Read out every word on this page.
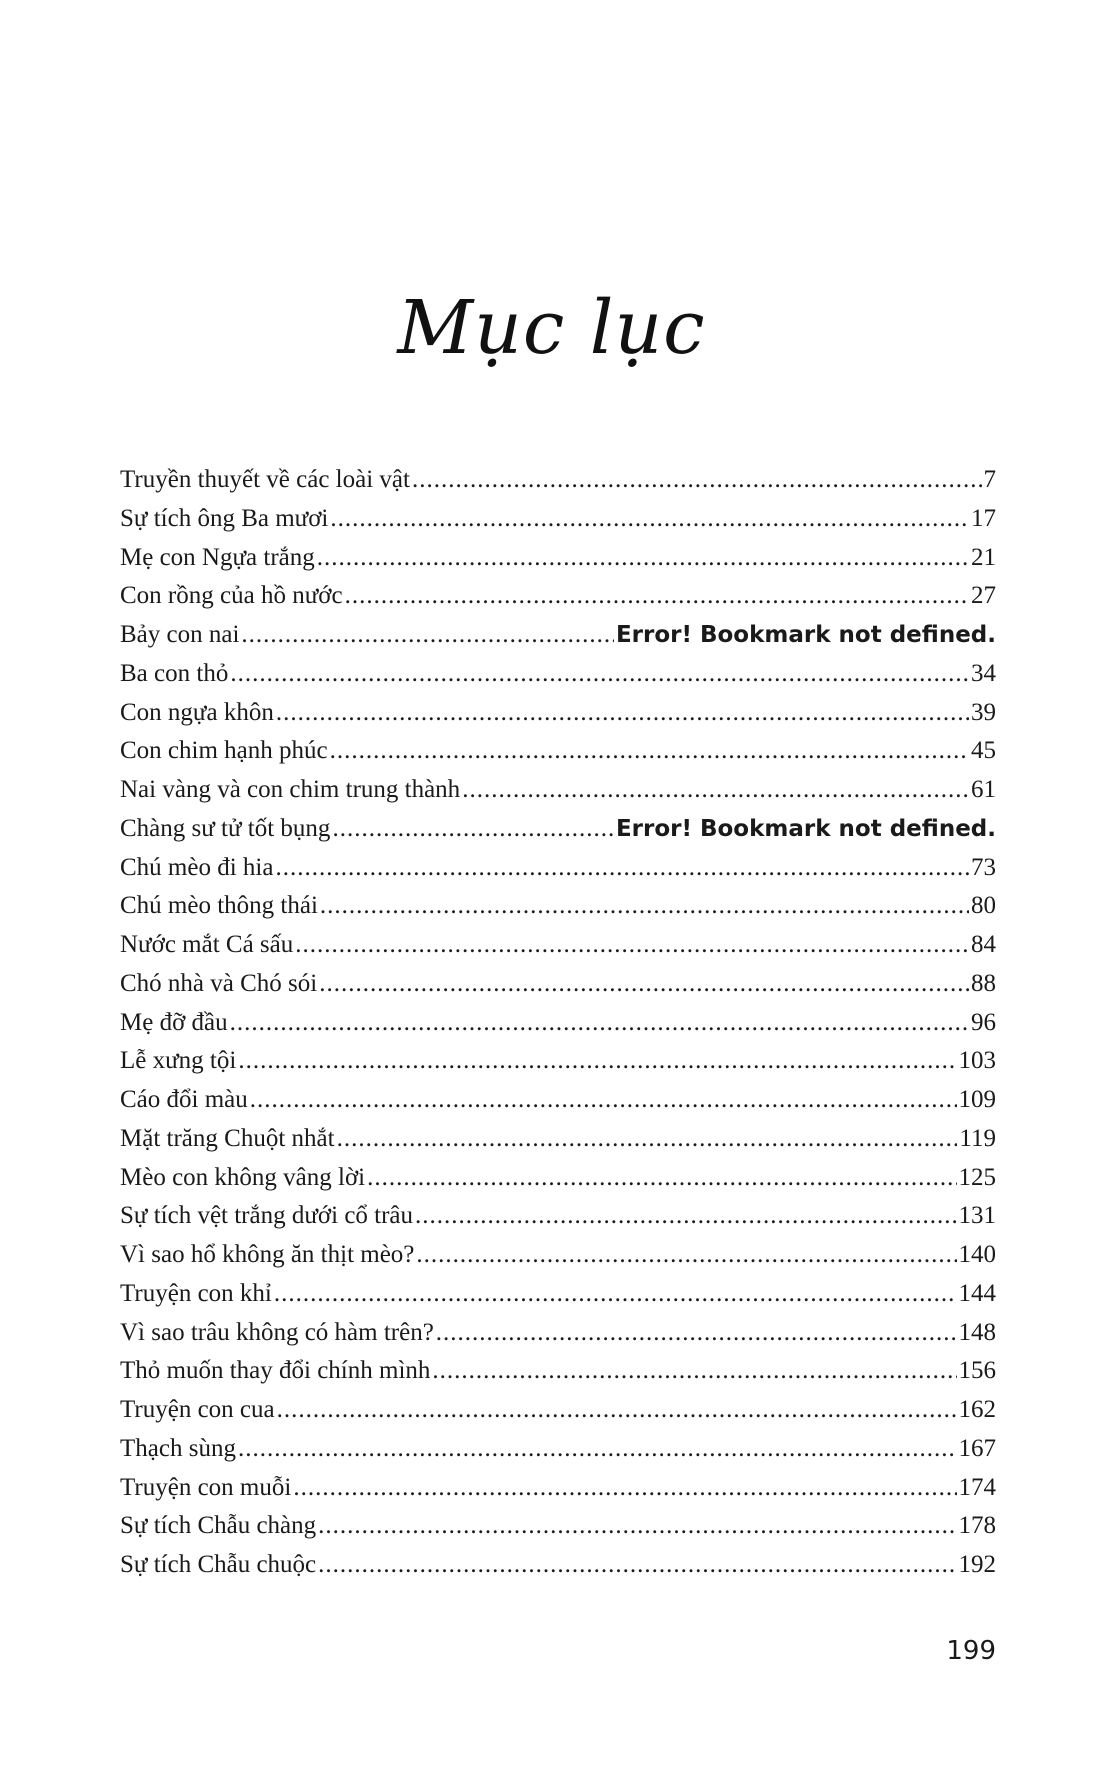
Mục lục
Truyền thuyết về các loài vật .....	7
Sự tích ông Ba mươi .....	17
Mẹ con Ngựa trắng .....	21
Con rồng của hồ nước .....	27
Bảy con nai .....	Error! Bookmark not defined.
Ba con thỏ .....	34
Con ngựa khôn .....	39
Con chim hạnh phúc .....	45
Nai vàng và con chim trung thành .....	61
Chàng sư tử tốt bụng .....	Error! Bookmark not defined.
Chú mèo đi hia .....	73
Chú mèo thông thái .....	80
Nước mắt Cá sấu .....	84
Chó nhà và Chó sói .....	88
Mẹ đỡ đầu .....	96
Lễ xưng tội .....	103
Cáo đổi màu .....	109
Mặt trăng Chuột nhắt .....	119
Mèo con không vâng lời .....	125
Sự tích vệt trắng dưới cổ trâu .....	131
Vì sao hổ không ăn thịt mèo? .....	140
Truyện con khỉ .....	144
Vì sao trâu không có hàm trên? .....	148
Thỏ muốn thay đổi chính mình .....	156
Truyện con cua .....	162
Thạch sùng .....	167
Truyện con muỗi .....	174
Sự tích Chẫu chàng .....	178
Sự tích Chẫu chuộc .....	192
199
